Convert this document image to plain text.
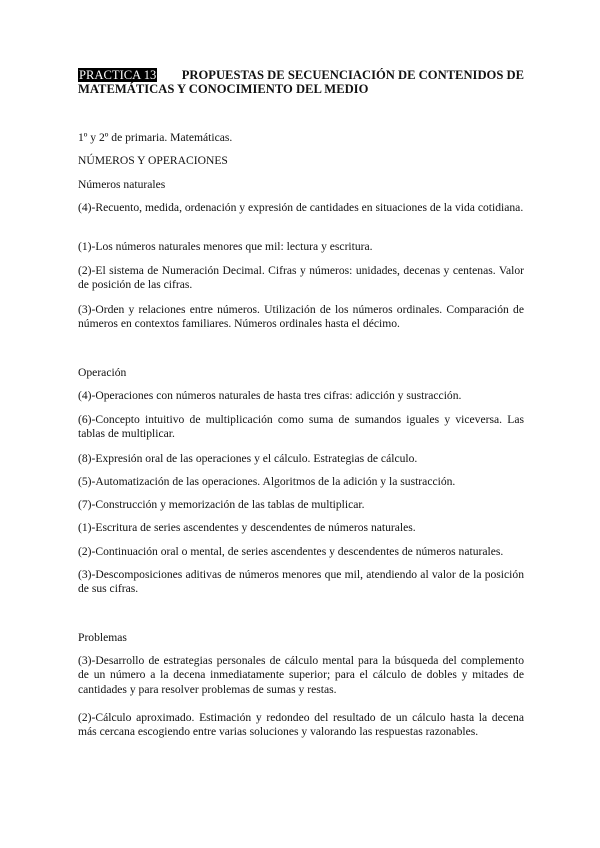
PRACTICA 13 PROPUESTAS DE SECUENCIACIÓN DE CONTENIDOS DE
MATEMÁTICAS Y CONOCIMIENTO DEL MEDIO
1º y 2º de primaria. Matemáticas.
NÚMEROS Y OPERACIONES
Números naturales
(4)-Recuento, medida, ordenación y expresión de cantidades en situaciones de la vida cotidiana.
(1)-Los números naturales menores que mil: lectura y escritura.
(2)-El sistema de Numeración Decimal. Cifras y números: unidades, decenas y centenas. Valor de posición de las cifras.
(3)-Orden y relaciones entre números. Utilización de los números ordinales. Comparación de números en contextos familiares. Números ordinales hasta el décimo.
Operación
(4)-Operaciones con números naturales de hasta tres cifras: adicción y sustracción.
(6)-Concepto intuitivo de multiplicación como suma de sumandos iguales y viceversa. Las tablas de multiplicar.
(8)-Expresión oral de las operaciones y el cálculo. Estrategias de cálculo.
(5)-Automatización de las operaciones. Algoritmos de la adición y la sustracción.
(7)-Construcción y memorización de las tablas de multiplicar.
(1)-Escritura de series ascendentes y descendentes de números naturales.
(2)-Continuación oral o mental, de series ascendentes y descendentes de números naturales.
(3)-Descomposiciones aditivas de números menores que mil, atendiendo al valor de la posición de sus cifras.
Problemas
(3)-Desarrollo de estrategias personales de cálculo mental para la búsqueda del complemento de un número a la decena inmediatamente superior; para el cálculo de dobles y mitades de cantidades y para resolver problemas de sumas y restas.
(2)-Cálculo aproximado. Estimación y redondeo del resultado de un cálculo hasta la decena más cercana escogiendo entre varias soluciones y valorando las respuestas razonables.
